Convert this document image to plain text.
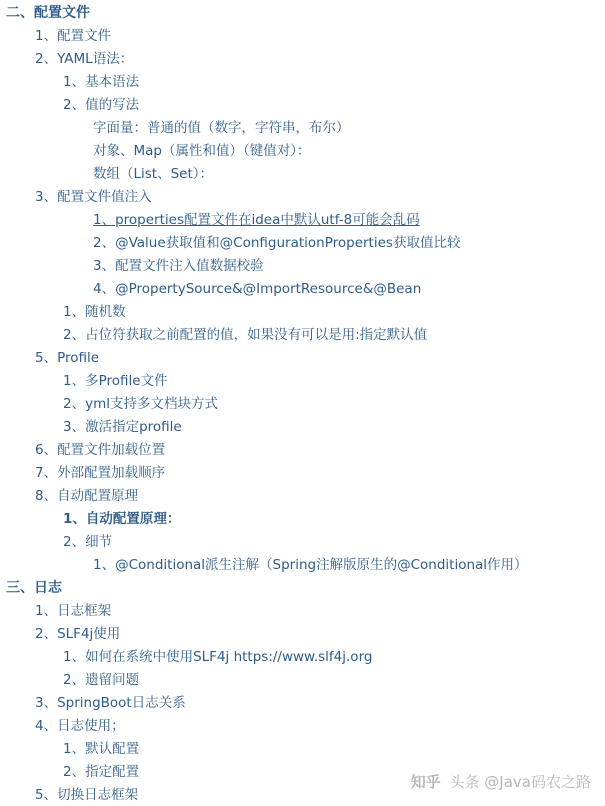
二、配置文件
1、配置文件
2、YAML语法：
1、基本语法
2、值的写法
字面量：普通的值（数字，字符串，布尔）
对象、Map（属性和值）（键值对）：
数组（List、Set）：
3、配置文件值注入
1、properties配置文件在idea中默认utf-8可能会乱码
2、@Value获取值和@ConfigurationProperties获取值比较
3、配置文件注入值数据校验
4、@PropertySource&@ImportResource&@Bean
1、随机数
2、占位符获取之前配置的值，如果没有可以是用:指定默认值
5、Profile
1、多Profile文件
2、yml支持多文档块方式
3、激活指定profile
6、配置文件加载位置
7、外部配置加载顺序
8、自动配置原理
1、自动配置原理：
2、细节
1、@Conditional派生注解（Spring注解版原生的@Conditional作用）
三、日志
1、日志框架
2、SLF4j使用
1、如何在系统中使用SLF4j https://www.slf4j.org
2、遗留问题
3、SpringBoot日志关系
4、日志使用；
1、默认配置
2、指定配置
5、切换日志框架
知乎 头条 @Java码农之路
